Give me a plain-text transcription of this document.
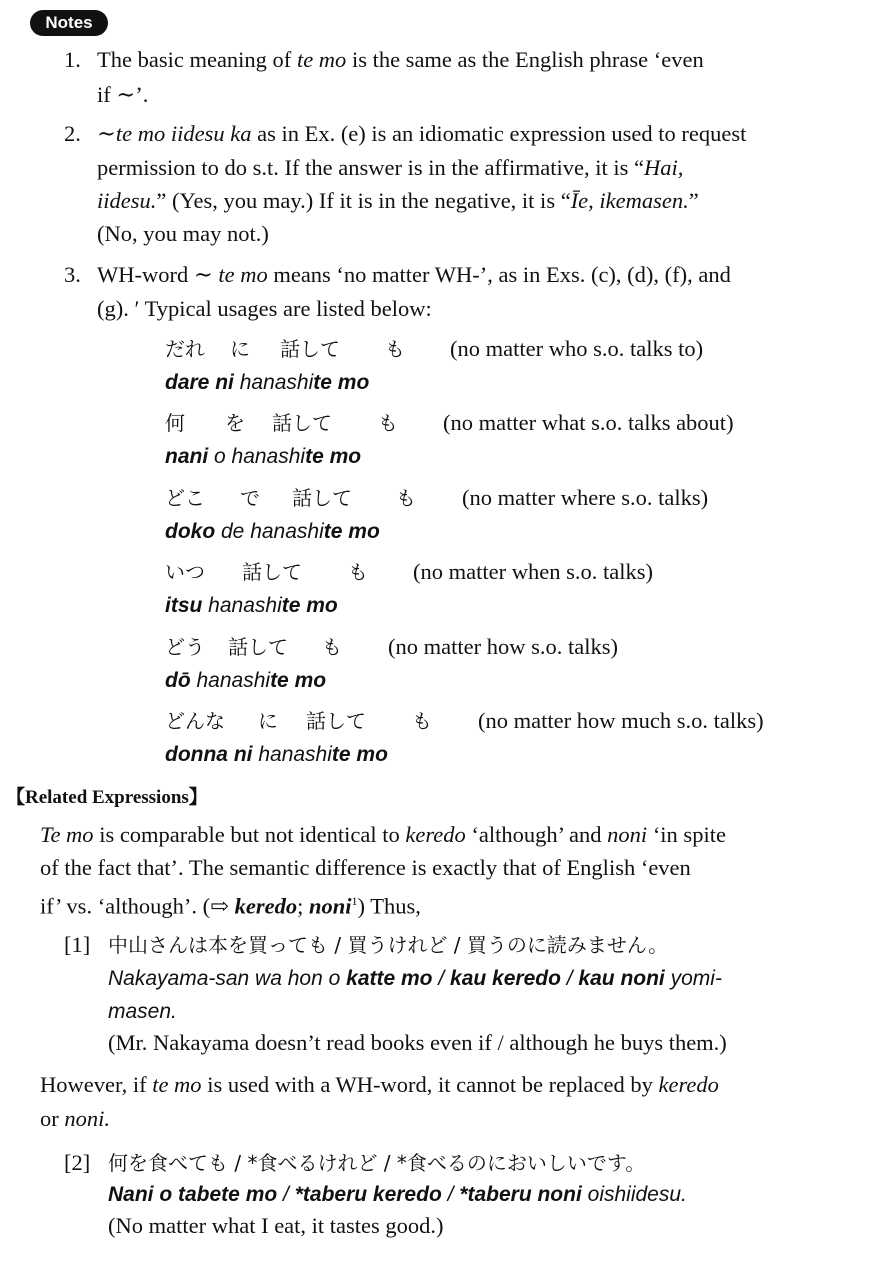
Notes
1. The basic meaning of te mo is the same as the English phrase ‘even
if ∼’.
2. ∼te mo iidesu ka as in Ex. (e) is an idiomatic expression used to request
permission to do s.t. If the answer is in the affirmative, it is “Hai,
iidesu.” (Yes, you may.) If it is in the negative, it is “Īe, ikemasen.”
(No, you may not.)
3. WH-word ∼ te mo means ‘no matter WH-’, as in Exs. (c), (d), (f), and
(g). ′ Typical usages are listed below:
だれ に 話して も (no matter who s.o. talks to)
dare ni hanashite mo
何 を 話して も (no matter what s.o. talks about)
nani o hanashite mo
どこ で 話して も (no matter where s.o. talks)
doko de hanashite mo
いつ 話して も (no matter when s.o. talks)
itsu hanashite mo
どう 話して も (no matter how s.o. talks)
dō hanashite mo
どんな に 話して も (no matter how much s.o. talks)
donna ni hanashite mo
【Related Expressions】
Te mo is comparable but not identical to keredo ‘although’ and noni ‘in spite
of the fact that’. The semantic difference is exactly that of English ‘even
if’ vs. ‘although’. (⇨ keredo; noni$^1$) Thus,
[1] 中山さんは本を買っても / 買うけれど / 買うのに読みません。
Nakayama-san wa hon o katte mo / kau keredo / kau noni yomi-
masen.
(Mr. Nakayama doesn’t read books even if / although he buys them.)
However, if te mo is used with a WH-word, it cannot be replaced by keredo
or noni.
[2] 何を食べても / *食べるけれど / *食べるのにおいしいです。
Nani o tabete mo / *taberu keredo / *taberu noni oishiidesu.
(No matter what I eat, it tastes good.)
